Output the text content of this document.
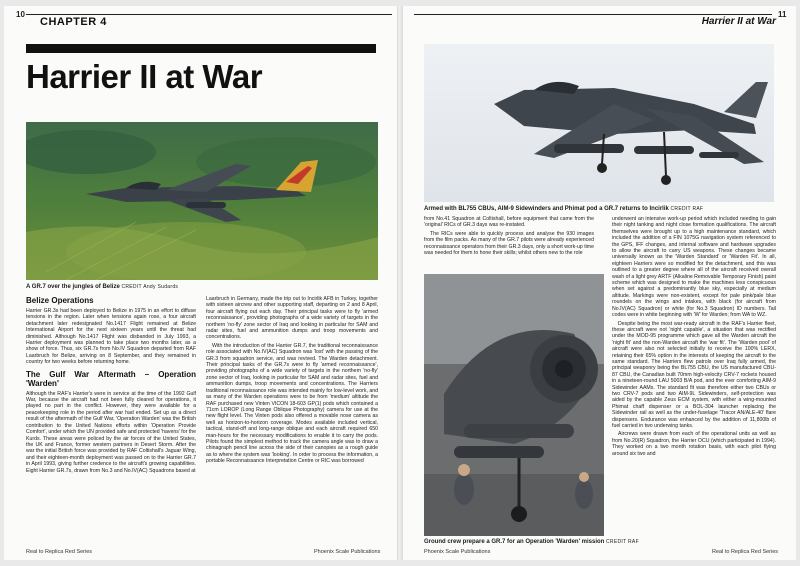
10
CHAPTER 4	Harrier II at War
11
Harrier II at War
A GR.7 over the jungles of Belize CREDIT Andy Sudards
Belize Operations

Harrier GR.3s had been deployed to Belize in 1975 in an effort to diffuse tensions in the region. Later when tensions again rose, a four aircraft detachment later redesignated No.1417 Flight remained at Belize International Airport for the next sixteen years until the threat had diminished. Although No.1417 Flight was disbanded in July 1993, a Harrier deployment was planned to take place two months later, as a show of force. Thus, six GR.7s from No.IV Squadron departed from RAF Laarbruch for Belize, arriving on 8 September, and they remained in country for two weeks before returning home.

The Gulf War Aftermath – Operation 'Warden'

Although the RAF's Harrier's were in service at the time of the 1992 Gulf War, because the aircraft had not been fully cleared for operations, it played no part in the conflict. However, they were available for a peacekeeping role in the period after war had ended. Set up as a direct result of the aftermath of the Gulf War, 'Operation Warden' was the British contribution to the United Nations efforts within 'Operation Provide Comfort', under which the UN provided safe and protected 'havens' for the Kurds. These areas were policed by the air forces of the United States, the UK and France, former western partners in Desert Storm. After the war the initial British force was provided by RAF Coltishall's Jaguar Wing, and their eighteen-month deployment was passed on to the Harrier GR.7 in April 1993, giving further credence to the aircraft's growing capabilities. Eight Harrier GR.7s, drawn from No.3 and No.IV(AC) Squadrons based at

Laarbruch in Germany, made the trip out to Incirlik AFB in Turkey, together with sixteen aircrew and other supporting staff, departing on 2 and 8 April, four aircraft flying out each day. Their principal tasks were to fly 'armed reconnaissance', providing photographs of a wide variety of targets in the northern 'no-fly' zone sector of Iraq and looking in particular for SAM and radar sites, fuel and ammunition dumps and troop movements and concentrations.

With the introduction of the Harrier GR.7, the traditional reconnaissance role associated with No.IV(AC) Squadron was 'lost' with the passing of the GR.3 from squadron service, and was revived. The Warden detachment. Their principal tasks of the GR.7s were to fly 'armed reconnaissance', providing photographs of a wide variety of targets in the northern 'no-fly' zone sector of Iraq, looking in particular for SAM and radar sites, fuel and ammunition dumps, troop movements and concentrations. The Harriers traditional reconnaissance role was intended mainly for low-level work, and as many of the Warden operations were to be from 'medium' altitude the RAF purchased new Vinten VICON 18-603 GP(1) pods which contained a 71cm LOROP (Long Range Oblique Photography) camera for use at the new flight level. The Vinten pods also offered a movable nose camera as well as horizon-to-horizon coverage. Modes available included vertical, tactical, stand-off and long-range oblique and each aircraft required 650 man-hours for the necessary modifications to enable it to carry the pods. Pilots found the simplest method to track the camera angle was to draw a chinagraph pencil line across the side of their canopies as a rough guide as to where the system was 'looking'. In order to process the information, a portable Reconnaissance Interpretation Centre or RIC was borrowed

Armed with BL755 CBUs, AIM-9 Sidewinders and Phimat pod a GR.7 returns to Incirlik CREDIT RAF

from No.41 Squadron at Coltishall, before equipment that came from the 'original' RICs of GR.3 days was re-instated.

The RICs were able to quickly process and analyse the 930 images from the film packs. As many of the GR.7 pilots were already experienced reconnaissance operators from their GR.3 days, only a short work-up time was needed for them to hone their skills; whilst others new to the role

Ground crew prepare a GR.7 for an Operation 'Warden' mission CREDIT RAF

underwent an intensive work-up period which included needing to gain their night tanking and night close formation qualifications. The aircraft themselves were brought up to a high maintenance standard, which included the addition of a FIN 1075G navigation system referenced to the GPS, IFF changes, and internal software and hardware upgrades to allow the aircraft to carry US weapons. These changes became universally known as the 'Warden Standard' or 'Warden Fit'. In all, eighteen Harriers were so modified for the detachment, and this was outlined to a greater degree where all of the aircraft received overall wash of a light grey ARTF (Alkaline Removable Temporary Finish) paint scheme which was designed to make the machines less conspicuous when set against a predominantly blue sky, especially at medium altitude. Markings were non-existent, except for pale pink/pale blue roundels on the wings and intakes, with black (for aircraft from No.IV(AC) Squadron) or white (for No.3 Squadron) ID numbers. Tail codes were in white beginning with 'W' for Warden; from WA to WZ.

Despite being the most war-ready aircraft in the RAF's Harrier fleet, these aircraft were not 'night capable', a situation that was rectified under the MOD-95 programme which gave all the Warden aircraft the 'night fit' and the non-Warden aircraft the 'war fit'. The 'Warden pool' of aircraft were also not selected initially to receive the 100% LERX, retaining their 65% option in the interests of keeping the aircraft to the same standard. The Harriers flew patrols over Iraq fully armed, the principal weaponry being the BL755 CBU, the US manufactured CBU-87 CBU, the Canadian built 70mm high-velocity CRV-7 rockets housed in a nineteen-round LAU 5003 B/A pod, and the ever comforting AIM-9 Sidewinder AAMs. The standard fit was therefore either two CBUs or two CRV-7 pods and two AIM-9L Sidewinders, self-protection was aided by the capable Zeus ECM system, with either a wing-mounted Phimat chaff dispenser or a BOL-304 launcher replacing the Sidewinder rail as well as the under-fuselage 'Tracor AN/ALE-40' flare dispensers. Endurance was enhanced by the addition of 11,800lb of fuel carried in two underwing tanks.

Aircrews were drawn from each of the operational units as well as from No.20(R) Squadron, the Harrier OCU (which participated in 1994). They worked on a two month rotation basis, with each pilot flying around six two and

Real to Replica Red Series	Phoenix Scale Publications	Phoenix Scale Publications	Real to Replica Red Series
